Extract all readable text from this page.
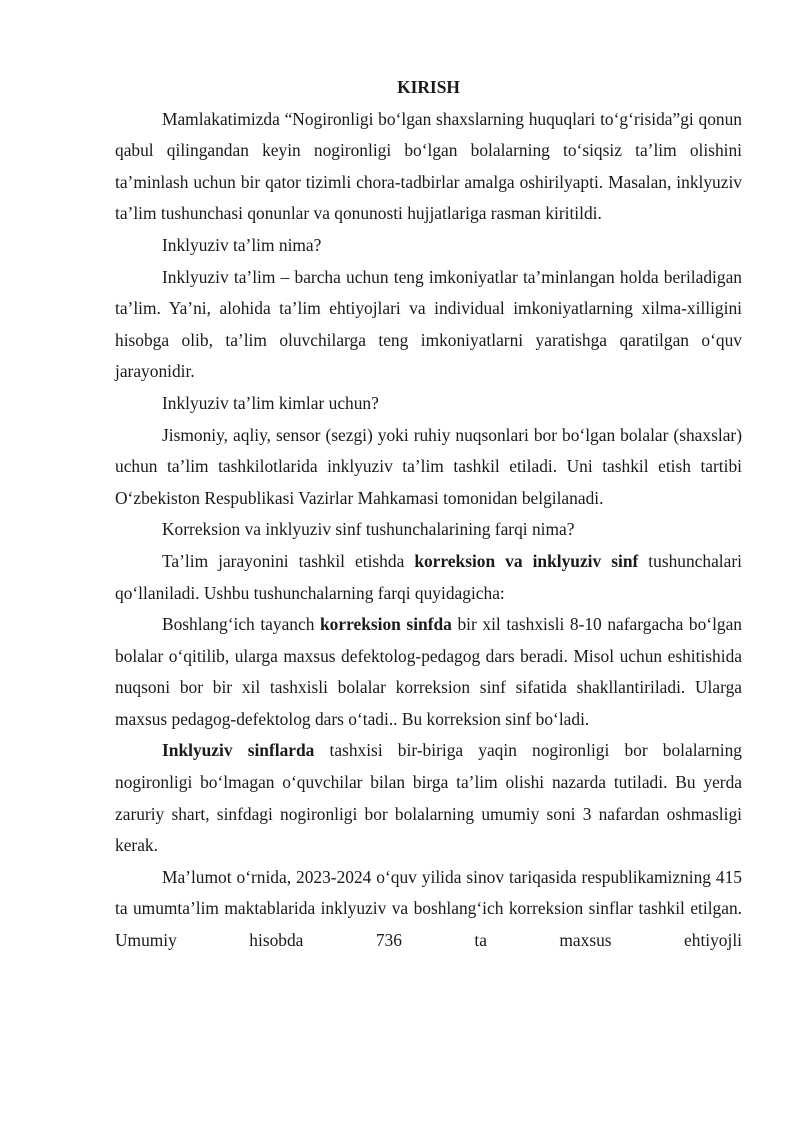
KIRISH

Mamlakatimizda “Nogironligi bo‘lgan shaxslarning huquqlari to‘g‘risida”gi qonun qabul qilingandan keyin nogironligi bo‘lgan bolalarning to‘siqsiz ta’lim olishini ta’minlash uchun bir qator tizimli chora-tadbirlar amalga oshirilyapti. Masalan, inklyuziv ta’lim tushunchasi qonunlar va qonunosti hujjatlariga rasman kiritildi.

Inklyuziv ta’lim nima?

Inklyuziv ta’lim – barcha uchun teng imkoniyatlar ta’minlangan holda beriladigan ta’lim. Ya’ni, alohida ta’lim ehtiyojlari va individual imkoniyatlarning xilma-xilligini hisobga olib, ta’lim oluvchilarga teng imkoniyatlarni yaratishga qaratilgan o‘quv jarayonidir.

Inklyuziv ta’lim kimlar uchun?

Jismoniy, aqliy, sensor (sezgi) yoki ruhiy nuqsonlari bor bo‘lgan bolalar (shaxslar) uchun ta’lim tashkilotlarida inklyuziv ta’lim tashkil etiladi. Uni tashkil etish tartibi O‘zbekiston Respublikasi Vazirlar Mahkamasi tomonidan belgilanadi.

Korreksion va inklyuziv sinf tushunchalarining farqi nima?

Ta’lim jarayonini tashkil etishda korreksion va inklyuziv sinf tushunchalari qo‘llaniladi. Ushbu tushunchalarning farqi quyidagicha:

Boshlang‘ich tayanch korreksion sinfda bir xil tashxisli 8-10 nafargacha bo‘lgan bolalar o‘qitilib, ularga maxsus defektolog-pedagog dars beradi. Misol uchun eshitishida nuqsoni bor bir xil tashxisli bolalar korreksion sinf sifatida shakllantiriladi. Ularga maxsus pedagog-defektolog dars o‘tadi.. Bu korreksion sinf bo‘ladi.

Inklyuziv sinflarda tashxisi bir-biriga yaqin nogironligi bor bolalarning nogironligi bo‘lmagan o‘quvchilar bilan birga ta’lim olishi nazarda tutiladi. Bu yerda zaruriy shart, sinfdagi nogironligi bor bolalarning umumiy soni 3 nafardan oshmasligi kerak.

Ma’lumot o‘rnida, 2023-2024 o‘quv yilida sinov tariqasida respublikamizning 415 ta umumta’lim maktablarida inklyuziv va boshlang‘ich korreksion sinflar tashkil etilgan. Umumiy hisobda 736 ta maxsus ehtiyojli
